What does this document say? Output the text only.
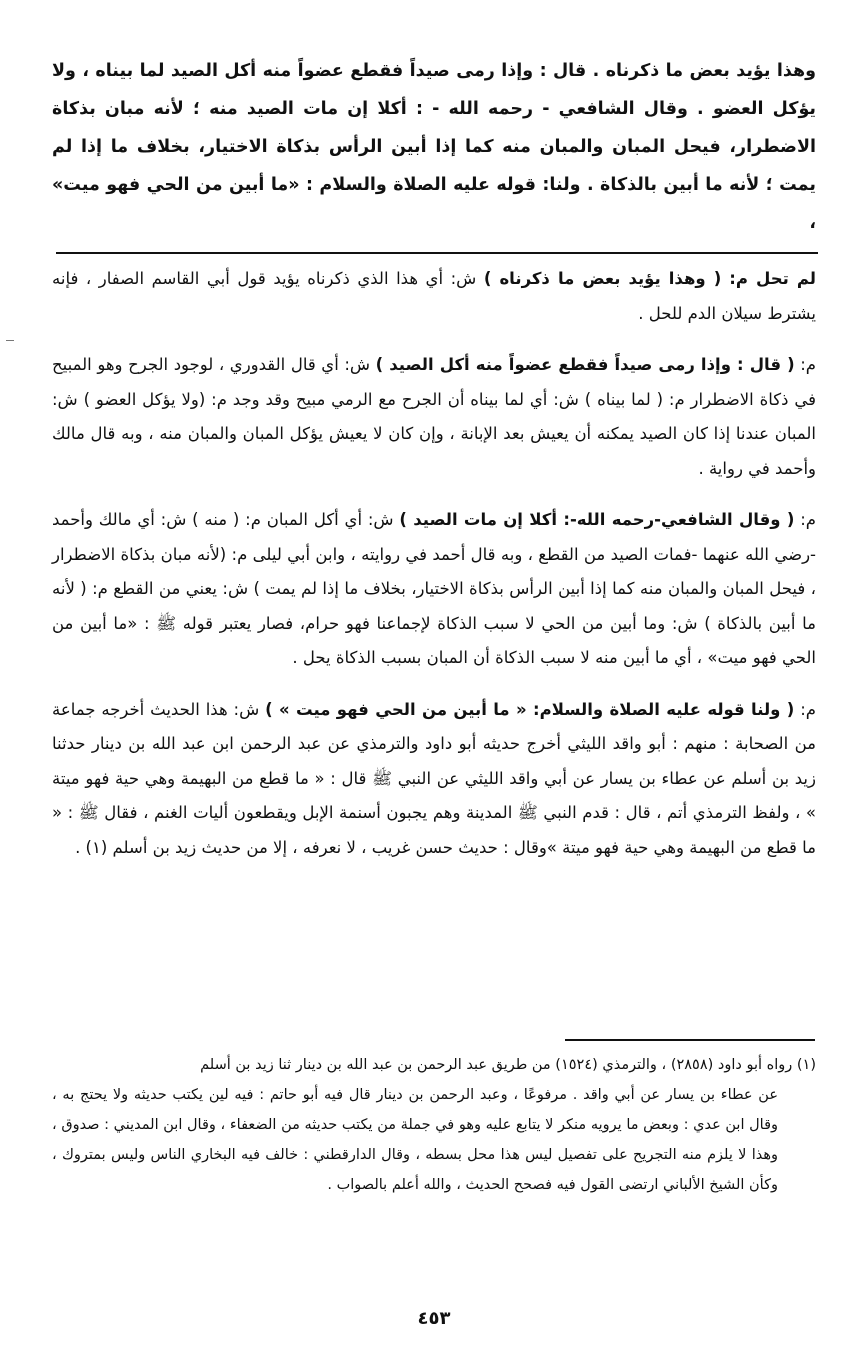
وهذا يؤيد بعض ما ذكرناه . قال : وإذا رمى صيداً فقطع عضواً منه أكل الصيد لما بيناه ، ولا يؤكل العضو . وقال الشافعي - رحمه الله - : أكلا إن مات الصيد منه ؛ لأنه مبان بذكاة الاضطرار، فيحل المبان والمبان منه كما إذا أبين الرأس بذكاة الاختيار، بخلاف ما إذا لم يمت ؛ لأنه ما أبين بالذكاة . ولنا: قوله عليه الصلاة والسلام : «ما أبين من الحي فهو ميت» ،

لم تحل م: ( وهذا يؤيد بعض ما ذكرناه ) ش: أي هذا الذي ذكرناه يؤيد قول أبي القاسم الصفار ، فإنه يشترط سيلان الدم للحل .

م: ( قال : وإذا رمى صيداً فقطع عضواً منه أكل الصيد ) ش: أي قال القدوري ، لوجود الجرح وهو المبيح في ذكاة الاضطرار م: ( لما بيناه ) ش: أي لما بيناه أن الجرح مع الرمي مبيح وقد وجد م: (ولا يؤكل العضو ) ش: المبان عندنا إذا كان الصيد يمكنه أن يعيش بعد الإبانة ، وإن كان لا يعيش يؤكل المبان والمبان منه ، وبه قال مالك وأحمد في رواية .

م: ( وقال الشافعي-رحمه الله-: أكلا إن مات الصيد ) ش: أي أكل المبان م: ( منه ) ش: أي مالك وأحمد -رضي الله عنهما -فمات الصيد من القطع ، وبه قال أحمد في روايته ، وابن أبي ليلى م: (لأنه مبان بذكاة الاضطرار ، فيحل المبان والمبان منه كما إذا أبين الرأس بذكاة الاختيار، بخلاف ما إذا لم يمت ) ش: يعني من القطع م: ( لأنه ما أبين بالذكاة ) ش: وما أبين من الحي لا سبب الذكاة لإجماعنا فهو حرام، فصار يعتبر قوله ﷺ : «ما أبين من الحي فهو ميت» ، أي ما أبين منه لا سبب الذكاة أن المبان بسبب الذكاة يحل .

م: ( ولنا قوله عليه الصلاة والسلام: « ما أبين من الحي فهو ميت » ) ش: هذا الحديث أخرجه جماعة من الصحابة : منهم : أبو واقد الليثي أخرج حديثه أبو داود والترمذي عن عبد الرحمن ابن عبد الله بن دينار حدثنا زيد بن أسلم عن عطاء بن يسار عن أبي واقد الليثي عن النبي ﷺ قال : « ما قطع من البهيمة وهي حية فهو ميتة » ، ولفظ الترمذي أتم ، قال : قدم النبي ﷺ المدينة وهم يجبون أسنمة الإبل ويقطعون أليات الغنم ، فقال ﷺ : « ما قطع من البهيمة وهي حية فهو ميتة »وقال : حديث حسن غريب ، لا نعرفه ، إلا من حديث زيد بن أسلم (١) .

(١) رواه أبو داود (٢٨٥٨) ، والترمذي (١٥٢٤) من طريق عبد الرحمن بن عبد الله بن دينار ثنا زيد بن أسلم

عن عطاء بن يسار عن أبي واقد . مرفوعًا ، وعبد الرحمن بن دينار قال فيه أبو حاتم : فيه لين يكتب حديثه ولا يحتج به ، وقال ابن عدي : وبعض ما يرويه منكر لا يتابع عليه وهو في جملة من يكتب حديثه من الضعفاء ، وقال ابن المديني : صدوق ، وهذا لا يلزم منه التجريح على تفصيل ليس هذا محل بسطه ، وقال الدارقطني : خالف فيه البخاري الناس وليس بمتروك ، وكأن الشيخ الألباني ارتضى القول فيه فصحح الحديث ، والله أعلم بالصواب .

٤٥٣
